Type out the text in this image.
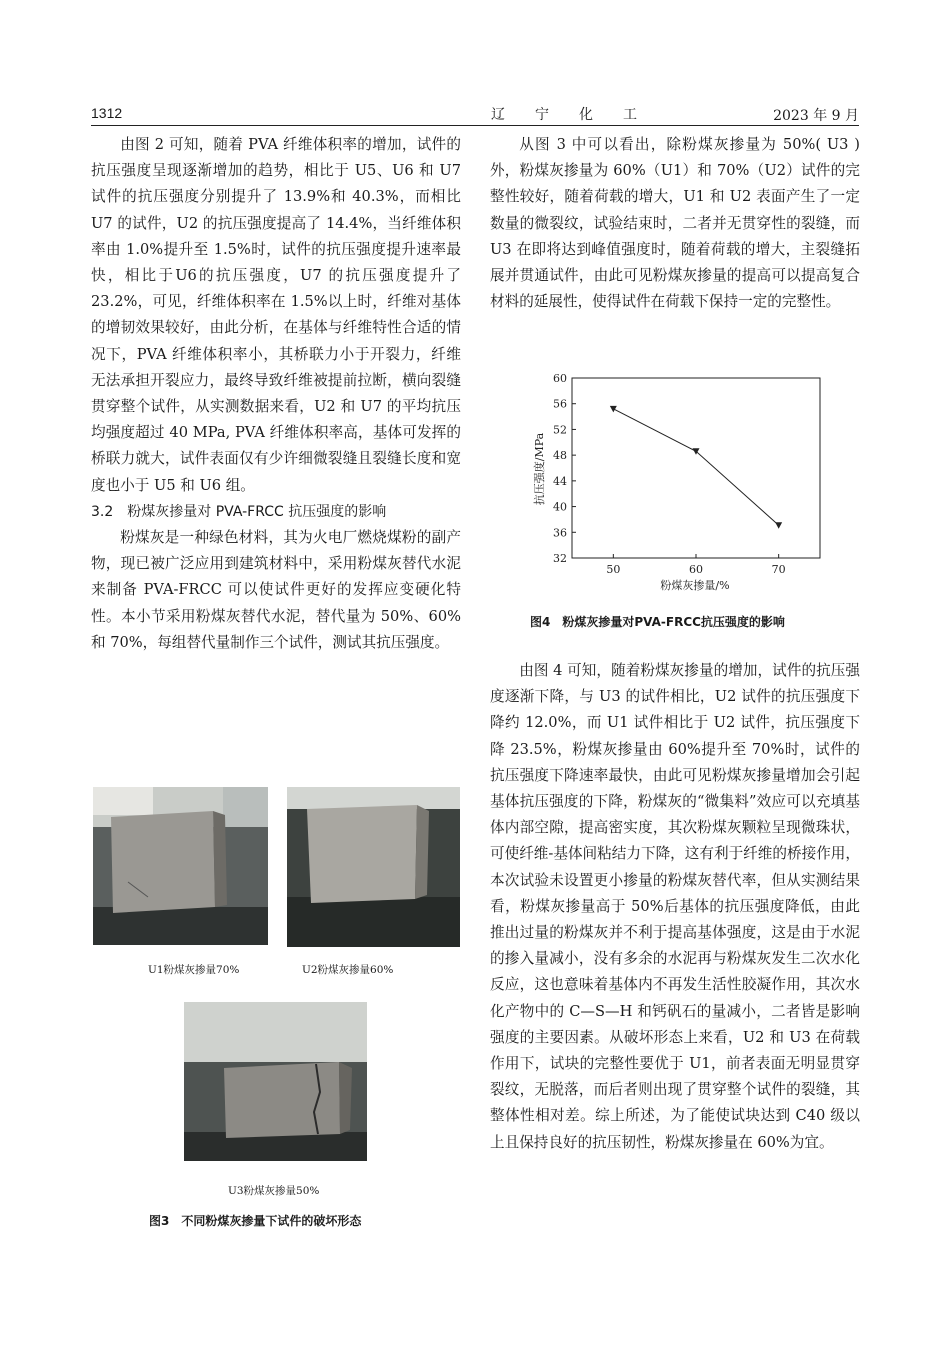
1312	辽宁化工	2023 年 9 月

由图 2 可知，随着 PVA 纤维体积率的增加，试件的抗压强度呈现逐渐增加的趋势，相比于 U5、U6 和 U7 试件的抗压强度分别提升了 13.9%和 40.3%，而相比 U7 的试件，U2 的抗压强度提高了 14.4%，当纤维体积率由 1.0%提升至 1.5%时，试件的抗压强度提升速率最快，相比于U6的抗压强度，U7 的抗压强度提升了 23.2%，可见，纤维体积率在 1.5%以上时，纤维对基体的增韧效果较好，由此分析，在基体与纤维特性合适的情况下，PVA 纤维体积率小，其桥联力小于开裂力，纤维无法承担开裂应力，最终导致纤维被提前拉断，横向裂缝贯穿整个试件，从实测数据来看，U2 和 U7 的平均抗压均强度超过 40 MPa, PVA 纤维体积率高，基体可发挥的桥联力就大，试件表面仅有少许细微裂缝且裂缝长度和宽度也小于 U5 和 U6 组。

3.2　粉煤灰掺量对 PVA-FRCC 抗压强度的影响

粉煤灰是一种绿色材料，其为火电厂燃烧煤粉的副产物，现已被广泛应用到建筑材料中，采用粉煤灰替代水泥来制备 PVA-FRCC 可以使试件更好的发挥应变硬化特性。本小节采用粉煤灰替代水泥，替代量为 50%、60%和 70%，每组替代量制作三个试件，测试其抗压强度。

U1粉煤灰掺量70%	U2粉煤灰掺量60%
U3粉煤灰掺量50%
图3　不同粉煤灰掺量下试件的破坏形态

从图 3 中可以看出，除粉煤灰掺量为 50%( U3 ) 外，粉煤灰掺量为 60%（U1）和 70%（U2）试件的完整性较好，随着荷载的增大，U1 和 U2 表面产生了一定数量的微裂纹，试验结束时，二者并无贯穿性的裂缝，而 U3 在即将达到峰值强度时，随着荷载的增大，主裂缝拓展并贯通试件，由此可见粉煤灰掺量的提高可以提高复合材料的延展性，使得试件在荷载下保持一定的完整性。

32
36
40
44
48
52
56
60
50	60	70
抗压强度/MPa
粉煤灰掺量/%
图4　粉煤灰掺量对PVA-FRCC抗压强度的影响

由图 4 可知，随着粉煤灰掺量的增加，试件的抗压强度逐渐下降，与 U3 的试件相比，U2 试件的抗压强度下降约 12.0%，而 U1 试件相比于 U2 试件，抗压强度下降 23.5%，粉煤灰掺量由 60%提升至 70%时，试件的抗压强度下降速率最快，由此可见粉煤灰掺量增加会引起基体抗压强度的下降，粉煤灰的“微集料”效应可以充填基体内部空隙，提高密实度，其次粉煤灰颗粒呈现微珠状，可使纤维-基体间粘结力下降，这有利于纤维的桥接作用，本次试验未设置更小掺量的粉煤灰替代率，但从实测结果看，粉煤灰掺量高于 50%后基体的抗压强度降低，由此推出过量的粉煤灰并不利于提高基体强度，这是由于水泥的掺入量减小，没有多余的水泥再与粉煤灰发生二次水化反应，这也意味着基体内不再发生活性胶凝作用，其次水化产物中的 C—S—H 和钙矾石的量减小，二者皆是影响强度的主要因素。从破坏形态上来看，U2 和 U3 在荷载作用下，试块的完整性要优于 U1，前者表面无明显贯穿裂纹，无脱落，而后者则出现了贯穿整个试件的裂缝，其整体性相对差。综上所述，为了能使试块达到 C40 级以上且保持良好的抗压韧性，粉煤灰掺量在 60%为宜。
